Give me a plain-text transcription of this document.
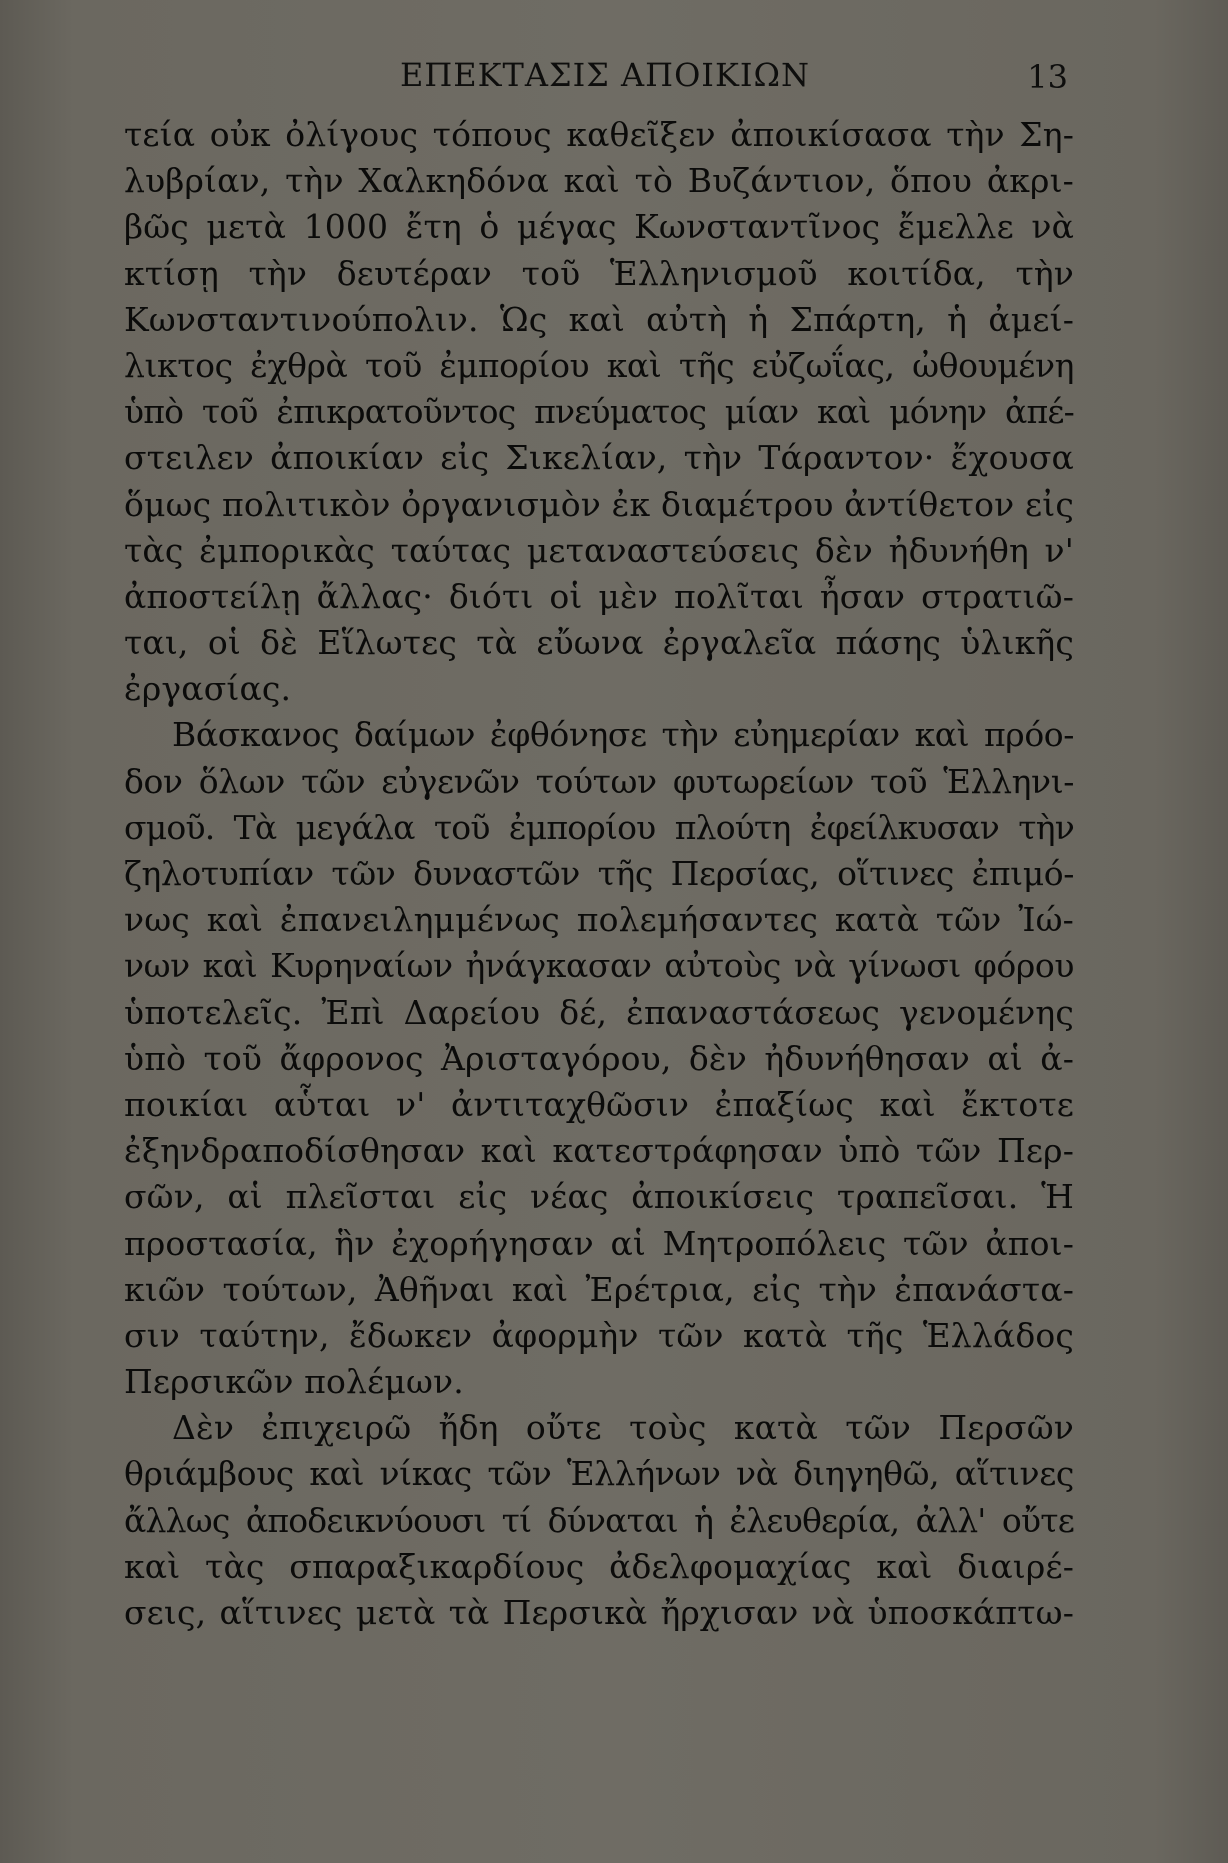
ΕΠΕΚΤΑΣΙΣ ΑΠΟΙΚΙΩΝ	13
τεία οὐκ ὀλίγους τόπους καθεῖξεν ἀποικίσασα τὴν Ση-
λυβρίαν, τὴν Χαλκηδόνα καὶ τὸ Βυζάντιον, ὅπου ἀκρι-
βῶς μετὰ 1000 ἔτη ὁ μέγας Κωνσταντῖνος ἔμελλε νὰ
κτίσῃ τὴν δευτέραν τοῦ Ἑλληνισμοῦ κοιτίδα, τὴν
Κωνσταντινούπολιν. Ὡς καὶ αὐτὴ ἡ Σπάρτη, ἡ ἀμεί-
λικτος ἐχθρὰ τοῦ ἐμπορίου καὶ τῆς εὐζωΐας, ὠθουμένη
ὑπὸ τοῦ ἐπικρατοῦντος πνεύματος μίαν καὶ μόνην ἀπέ-
στειλεν ἀποικίαν εἰς Σικελίαν, τὴν Τάραντον· ἔχουσα
ὅμως πολιτικὸν ὀργανισμὸν ἐκ διαμέτρου ἀντίθετον εἰς
τὰς ἐμπορικὰς ταύτας μεταναστεύσεις δὲν ἠδυνήθη ν'
ἀποστείλῃ ἄλλας· διότι οἱ μὲν πολῖται ἦσαν στρατιῶ-
ται, οἱ δὲ Εἵλωτες τὰ εὔωνα ἐργαλεῖα πάσης ὑλικῆς
ἐργασίας.
Βάσκανος δαίμων ἐφθόνησε τὴν εὐημερίαν καὶ πρόο-
δον ὅλων τῶν εὐγενῶν τούτων φυτωρείων τοῦ Ἑλληνι-
σμοῦ. Τὰ μεγάλα τοῦ ἐμπορίου πλούτη ἐφείλκυσαν τὴν
ζηλοτυπίαν τῶν δυναστῶν τῆς Περσίας, οἵτινες ἐπιμό-
νως καὶ ἐπανειλημμένως πολεμήσαντες κατὰ τῶν Ἰώ-
νων καὶ Κυρηναίων ἠνάγκασαν αὐτοὺς νὰ γίνωσι φόρου
ὑποτελεῖς. Ἐπὶ Δαρείου δέ, ἐπαναστάσεως γενομένης
ὑπὸ τοῦ ἄφρονος Ἀρισταγόρου, δὲν ἠδυνήθησαν αἱ ἀ-
ποικίαι αὗται ν' ἀντιταχθῶσιν ἐπαξίως καὶ ἔκτοτε
ἐξηνδραποδίσθησαν καὶ κατεστράφησαν ὑπὸ τῶν Περ-
σῶν, αἱ πλεῖσται εἰς νέας ἀποικίσεις τραπεῖσαι. Ἡ
προστασία, ἣν ἐχορήγησαν αἱ Μητροπόλεις τῶν ἀποι-
κιῶν τούτων, Ἀθῆναι καὶ Ἐρέτρια, εἰς τὴν ἐπανάστα-
σιν ταύτην, ἔδωκεν ἀφορμὴν τῶν κατὰ τῆς Ἑλλάδος
Περσικῶν πολέμων.
Δὲν ἐπιχειρῶ ἤδη οὔτε τοὺς κατὰ τῶν Περσῶν
θριάμβους καὶ νίκας τῶν Ἑλλήνων νὰ διηγηθῶ, αἵτινες
ἄλλως ἀποδεικνύουσι τί δύναται ἡ ἐλευθερία, ἀλλ' οὔτε
καὶ τὰς σπαραξικαρδίους ἀδελφομαχίας καὶ διαιρέ-
σεις, αἵτινες μετὰ τὰ Περσικὰ ἤρχισαν νὰ ὑποσκάπτω-
